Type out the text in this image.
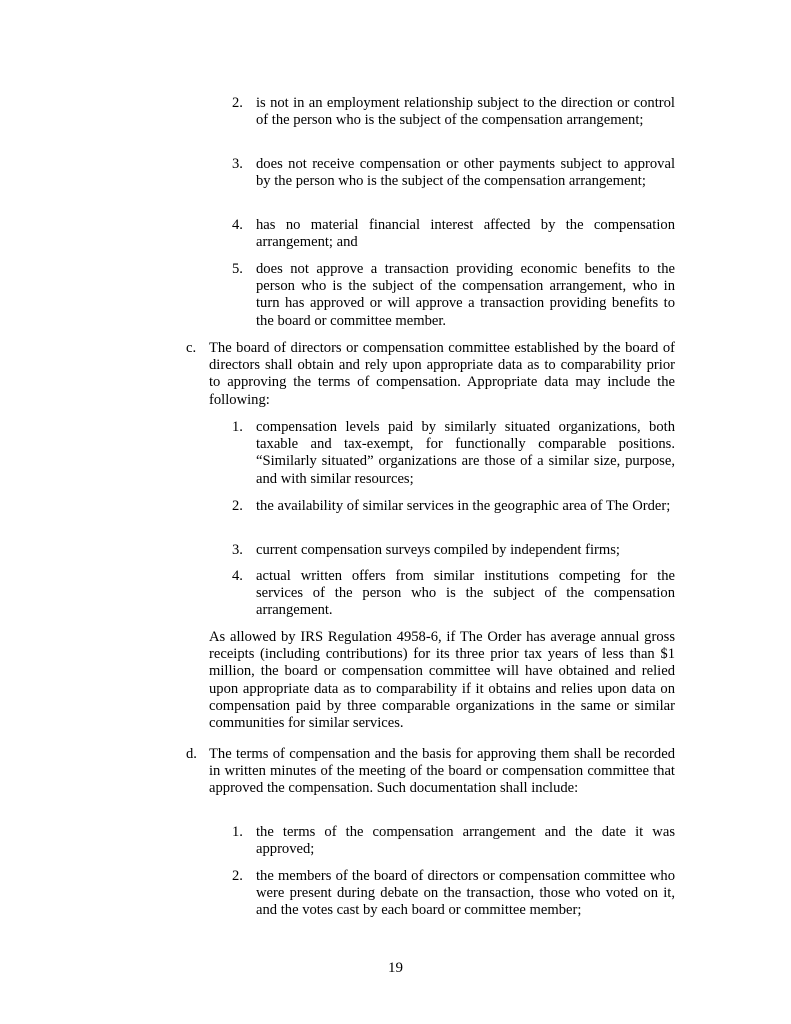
is not in an employment relationship subject to the direction or control of the person who is the subject of the compensation arrangement;
2.
3. does not receive compensation or other payments subject to approval by the person who is the subject of the compensation arrangement;
4. has no material financial interest affected by the compensation arrangement; and
5. does not approve a transaction providing economic benefits to the person who is the subject of the compensation arrangement, who in turn has approved or will approve a transaction providing benefits to the board or committee member.
c. The board of directors or compensation committee established by the board of directors shall obtain and rely upon appropriate data as to comparability prior to approving the terms of compensation. Appropriate data may include the following:
1. compensation levels paid by similarly situated organizations, both taxable and tax-exempt, for functionally comparable positions. “Similarly situated” organizations are those of a similar size, purpose, and with similar resources;
2. the availability of similar services in the geographic area of The Order;
3. current compensation surveys compiled by independent firms;
4. actual written offers from similar institutions competing for the services of the person who is the subject of the compensation arrangement.
As allowed by IRS Regulation 4958-6, if The Order has average annual gross receipts (including contributions) for its three prior tax years of less than $1 million, the board or compensation committee will have obtained and relied upon appropriate data as to comparability if it obtains and relies upon data on compensation paid by three comparable organizations in the same or similar communities for similar services.
d. The terms of compensation and the basis for approving them shall be recorded in written minutes of the meeting of the board or compensation committee that approved the compensation. Such documentation shall include:
1. the terms of the compensation arrangement and the date it was approved;
2. the members of the board of directors or compensation committee who were present during debate on the transaction, those who voted on it, and the votes cast by each board or committee member;
19
